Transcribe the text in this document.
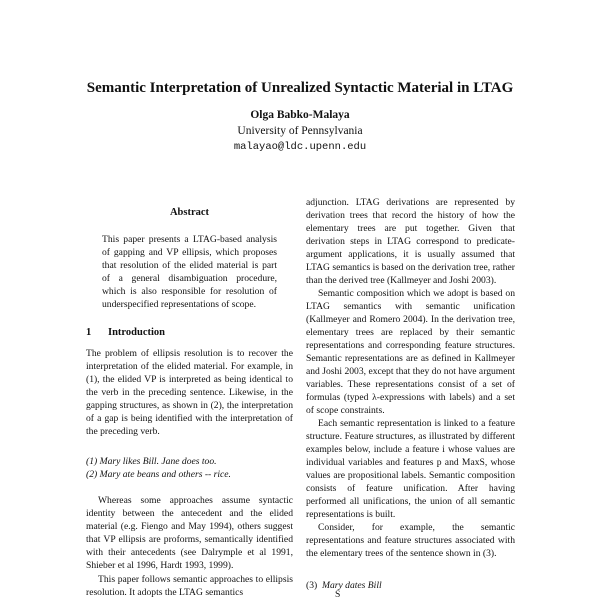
Semantic Interpretation of Unrealized Syntactic Material in LTAG
Olga Babko-Malaya
University of Pennsylvania
malayao@ldc.upenn.edu
Abstract
This paper presents a LTAG-based analysis of gapping and VP ellipsis, which proposes that resolution of the elided material is part of a general disambiguation procedure, which is also responsible for resolution of underspecified representations of scope.
1 Introduction
The problem of ellipsis resolution is to recover the interpretation of the elided material. For example, in (1), the elided VP is interpreted as being identical to the verb in the preceding sentence. Likewise, in the gapping structures, as shown in (2), the interpretation of a gap is being identified with the interpretation of the preceding verb.
(1) Mary likes Bill. Jane does too.
(2) Mary ate beans and others -- rice.
Whereas some approaches assume syntactic identity between the antecedent and the elided material (e.g. Fiengo and May 1994), others suggest that VP ellipsis are proforms, semantically identified with their antecedents (see Dalrymple et al 1991, Shieber et al 1996, Hardt 1993, 1999).
This paper follows semantic approaches to ellipsis resolution. It adopts the LTAG semantics

adjunction. LTAG derivations are represented by derivation trees that record the history of how the elementary trees are put together. Given that derivation steps in LTAG correspond to predicate-argument applications, it is usually assumed that LTAG semantics is based on the derivation tree, rather than the derived tree (Kallmeyer and Joshi 2003).

Semantic composition which we adopt is based on LTAG semantics with semantic unification (Kallmeyer and Romero 2004). In the derivation tree, elementary trees are replaced by their semantic representations and corresponding feature structures. Semantic representations are as defined in Kallmeyer and Joshi 2003, except that they do not have argument variables. These representations consist of a set of formulas (typed λ-expressions with labels) and a set of scope constraints.

Each semantic representation is linked to a feature structure. Feature structures, as illustrated by different examples below, include a feature i whose values are individual variables and features p and MaxS, whose values are propositional labels. Semantic composition consists of feature unification. After having performed all unifications, the union of all semantic representations is built.

Consider, for example, the semantic representations and feature structures associated with the elementary trees of the sentence shown in (3).

(3) Mary dates Bill
S
